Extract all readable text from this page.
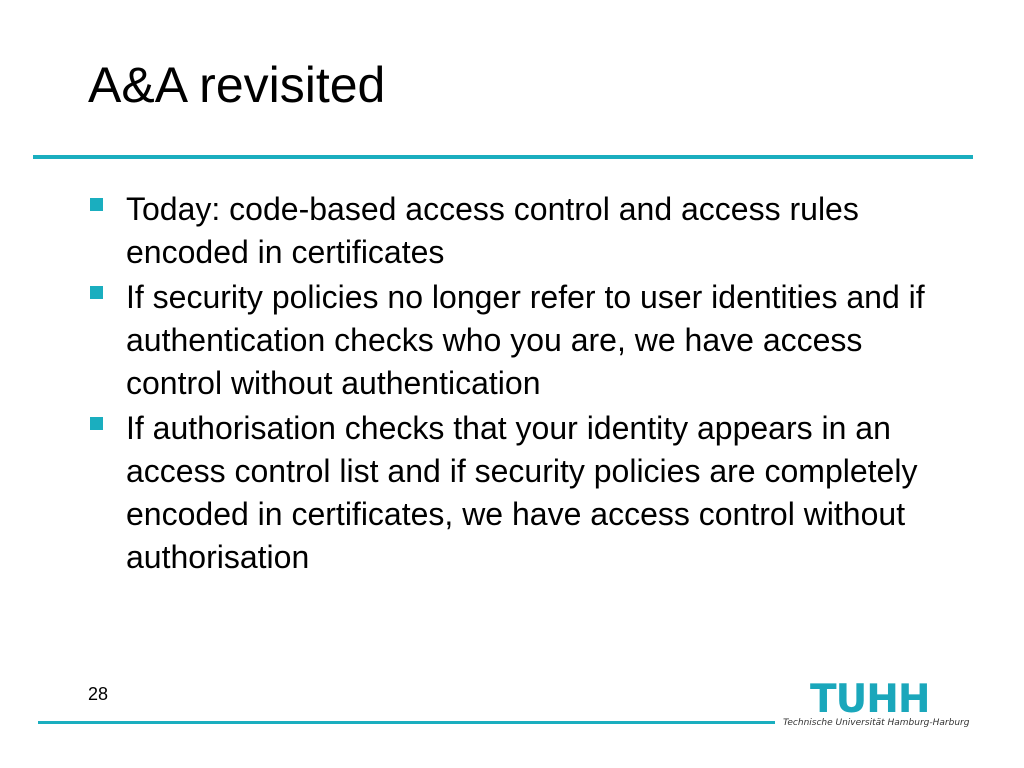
A&A revisited
Today: code-based access control and access rules encoded in certificates
If security policies no longer refer to user identities and if authentication checks who you are, we have access control without authentication
If authorisation checks that your identity appears in an access control list and if security policies are completely encoded in certificates, we have access control without authorisation
28	TUHH
Technische Universität Hamburg-Harburg
